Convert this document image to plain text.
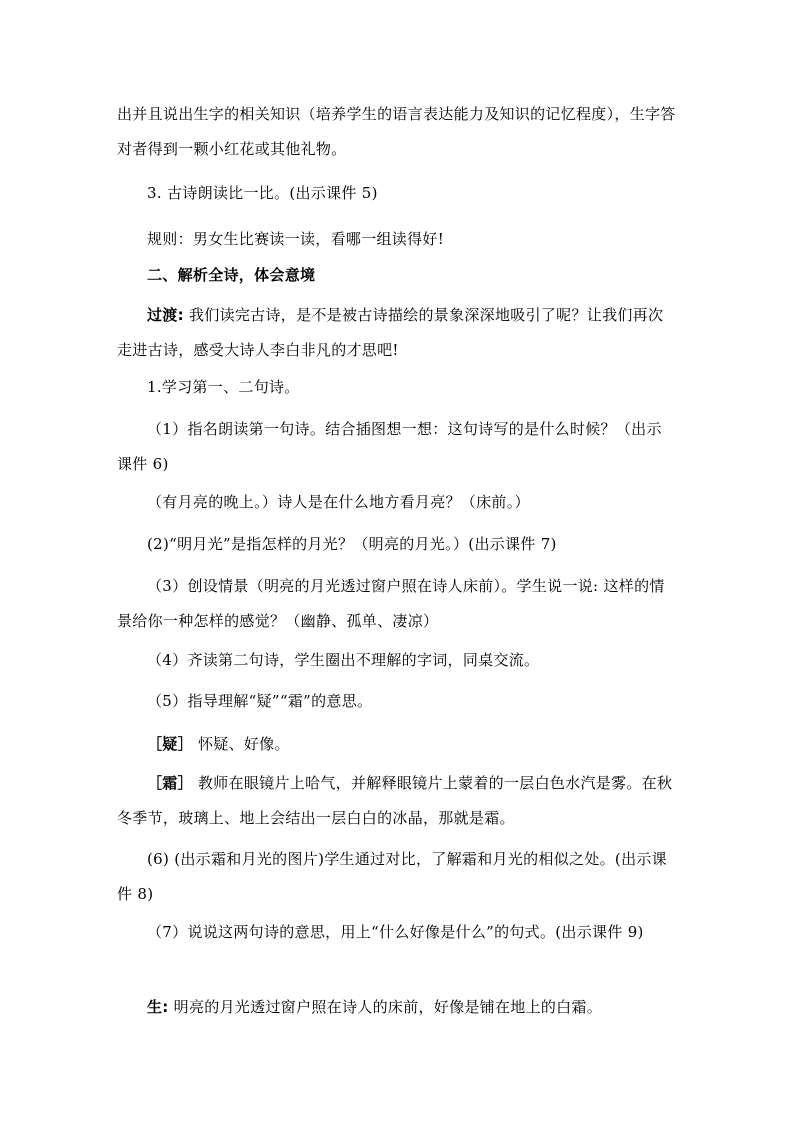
出并且说出生字的相关知识（培养学生的语言表达能力及知识的记忆程度），生字答对者得到一颗小红花或其他礼物。

3. 古诗朗读比一比。(出示课件 5)

规则：男女生比赛读一读，看哪一组读得好!

二、解析全诗，体会意境

过渡: 我们读完古诗，是不是被古诗描绘的景象深深地吸引了呢？让我们再次走进古诗，感受大诗人李白非凡的才思吧!

1.学习第一、二句诗。

（1）指名朗读第一句诗。结合插图想一想：这句诗写的是什么时候？（出示课件 6)

（有月亮的晚上。）诗人是在什么地方看月亮？（床前。）

(2)“明月光”是指怎样的月光？（明亮的月光。）(出示课件 7)

（3）创设情景（明亮的月光透过窗户照在诗人床前）。学生说一说: 这样的情景给你一种怎样的感觉？（幽静、孤单、凄凉）

（4）齐读第二句诗，学生圈出不理解的字词，同桌交流。

（5）指导理解“疑”“霜”的意思。

［疑］ 怀疑、好像。

［霜］ 教师在眼镜片上哈气，并解释眼镜片上蒙着的一层白色水汽是雾。在秋冬季节，玻璃上、地上会结出一层白白的冰晶，那就是霜。

(6) (出示霜和月光的图片)学生通过对比，了解霜和月光的相似之处。(出示课件 8)

（7）说说这两句诗的意思，用上“什么好像是什么”的句式。(出示课件 9)

生: 明亮的月光透过窗户照在诗人的床前，好像是铺在地上的白霜。
